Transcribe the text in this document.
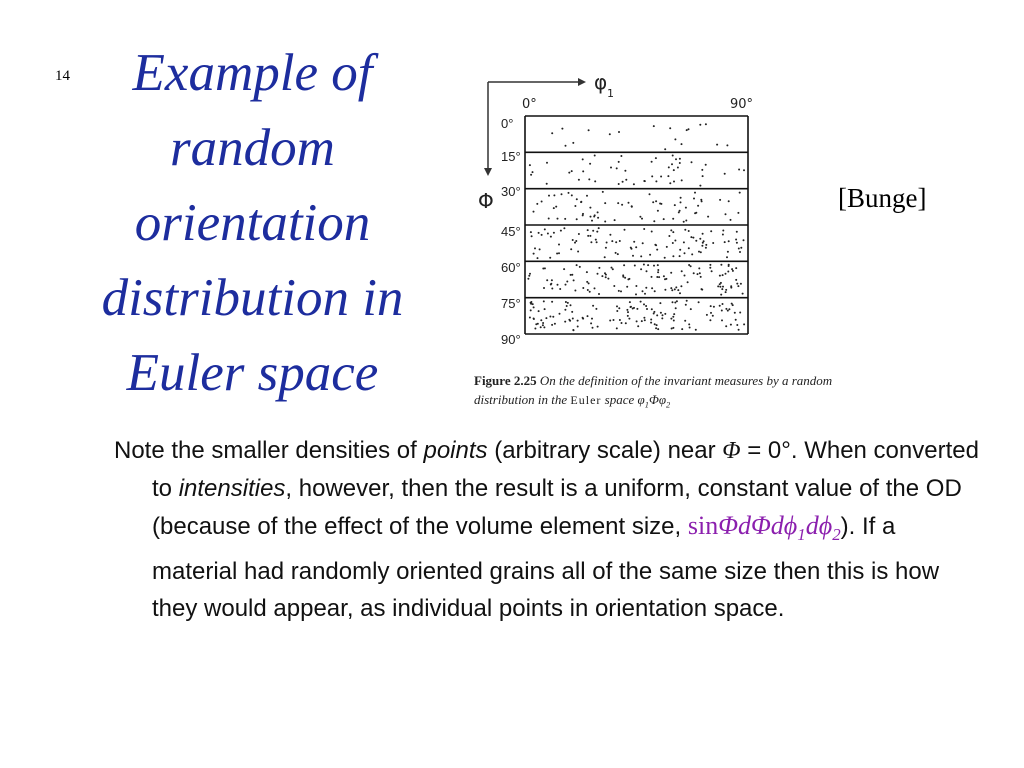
14	Example of
random
orientation
distribution in
Euler space
φ 1
Φ
0°	90°
0°
15°
30°
45°
60°
75°
90°
Figure 2.25 On the definition of the invariant measures by a random
distribution in the Euler space $\varphi_1\Phi\varphi_2$
[Bunge]
Note the smaller densities of points (arbitrary scale) near Φ = 0°. When converted to intensities, however, then the result is a uniform, constant value of the OD (because of the effect of the volume element size, $\sin\Phi d\Phi d\phi_1d\phi_2$). If a material had randomly oriented grains all of the same size then this is how they would appear, as individual points in orientation space.
